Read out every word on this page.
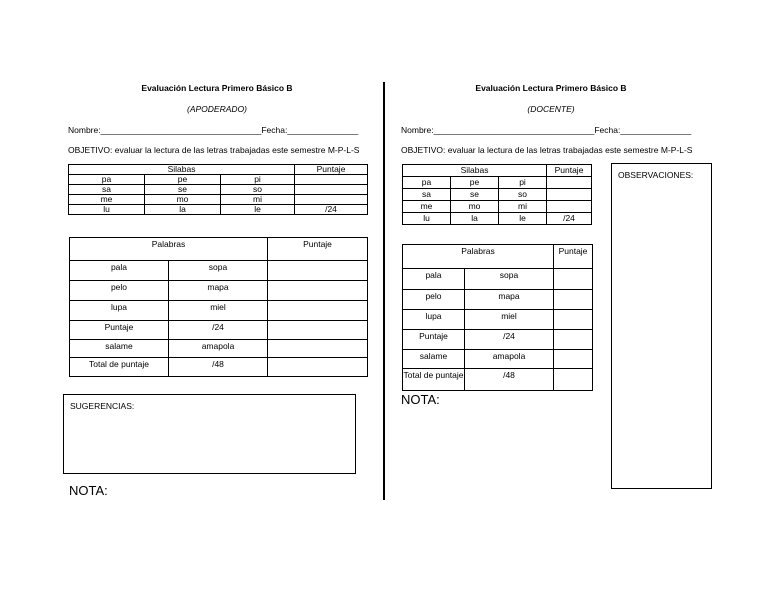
Evaluación Lectura Primero Básico B
(APODERADO)
Nombre:__________________________________Fecha:_______________
OBJETIVO: evaluar la lectura de las letras trabajadas este semestre M-P-L-S
Silabas			Puntaje
pa	pe	pi	
sa	se	so	
me	mo	mi	
lu	la	le	/24
Palabras		Puntaje
pala	sopa	
pelo	mapa	
lupa	miel	
Puntaje	/24	
salame	amapola	
Total de puntaje	/48	
SUGERENCIAS:
NOTA:
Evaluación Lectura Primero Básico B
(DOCENTE)
Nombre:__________________________________Fecha:_______________
OBJETIVO: evaluar la lectura de las letras trabajadas este semestre M-P-L-S
Silabas			Puntaje
pa	pe	pi	
sa	se	so	
me	mo	mi	
lu	la	le	/24
Palabras		Puntaje
pala	sopa	
pelo	mapa	
lupa	miel	
Puntaje	/24	
salame	amapola	
Total de puntaje	/48	
NOTA:
OBSERVACIONES:
